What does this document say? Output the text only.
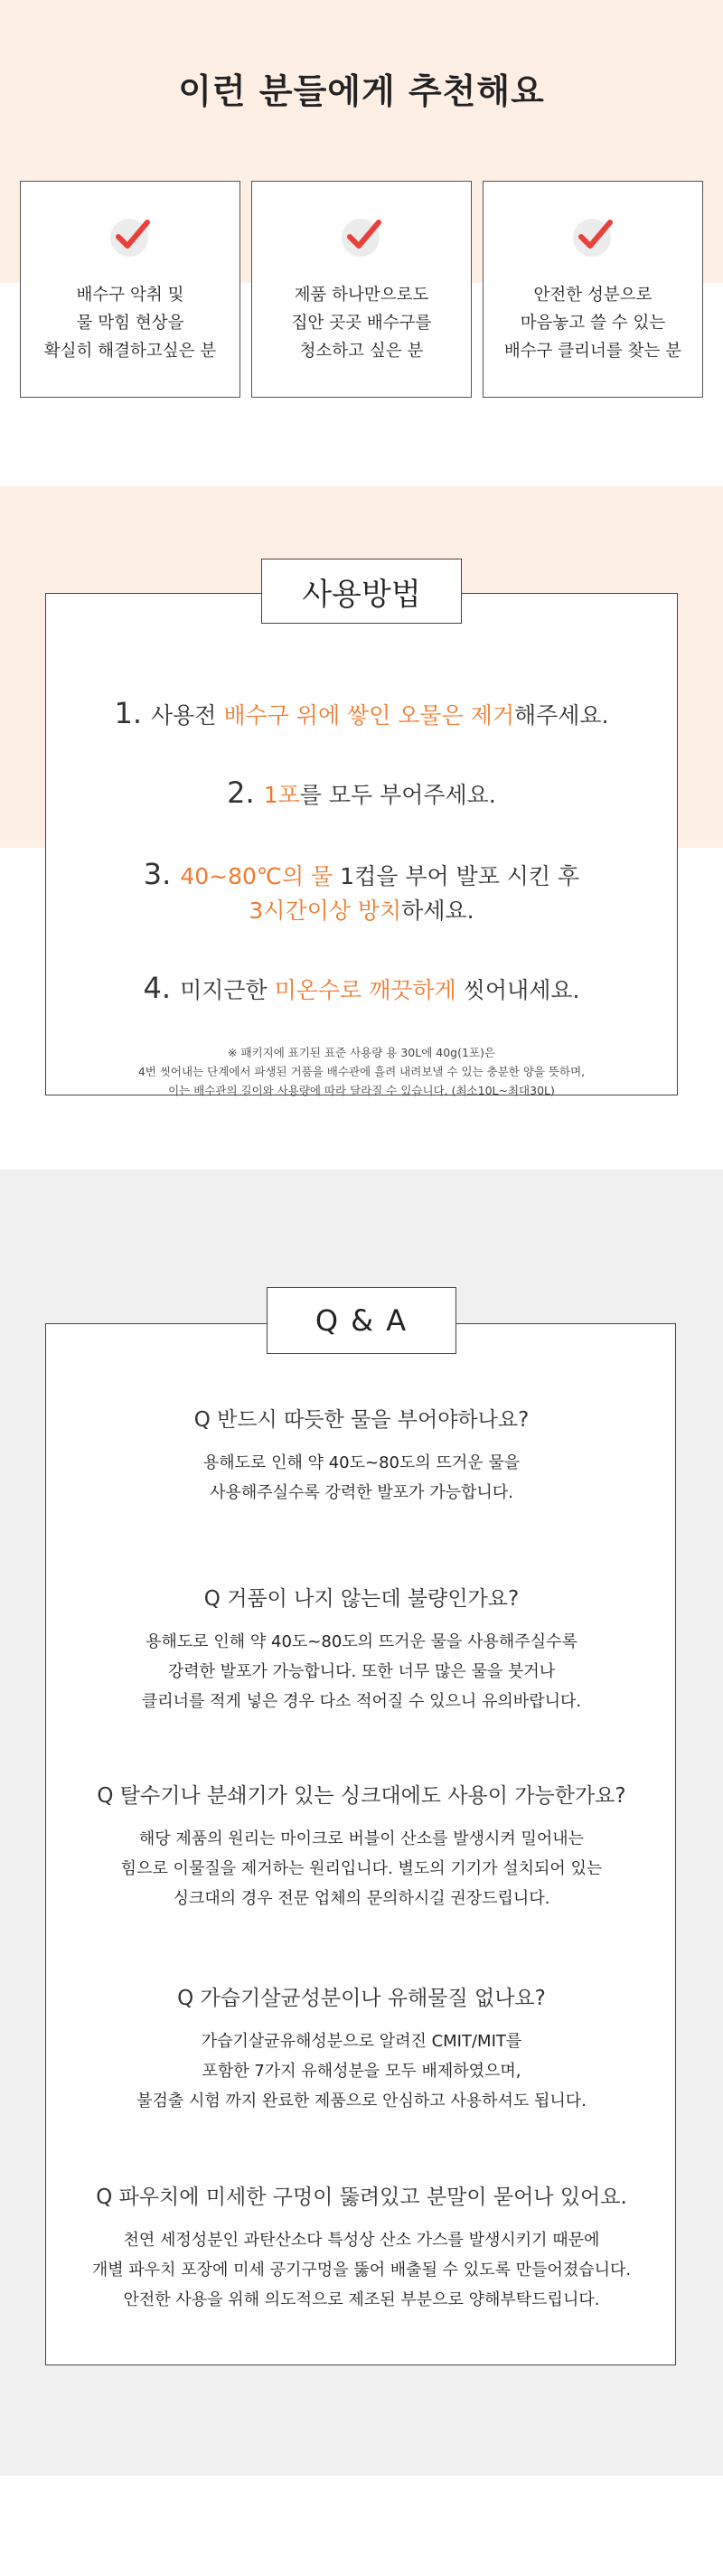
이런 분들에게 추천해요
배수구 악취 및
물 막힘 현상을
확실히 해결하고싶은 분
제품 하나만으로도
집안 곳곳 배수구를
청소하고 싶은 분
안전한 성분으로
마음놓고 쓸 수 있는
배수구 클리너를 찾는 분
사용방법
1. 사용전 배수구 위에 쌓인 오물은 제거해주세요.
2. 1포를 모두 부어주세요.
3. 40~80℃의 물 1컵을 부어 발포 시킨 후
3시간이상 방치하세요.
4. 미지근한 미온수로 깨끗하게 씻어내세요.
※ 패키지에 표기된 표준 사용량 용 30L에 40g(1포)은
4번 씻어내는 단계에서 파생된 거품을 배수관에 흘려 내려보낼 수 있는 충분한 양을 뜻하며,
이는 배수관의 길이와 사용량에 따라 달라질 수 있습니다. (최소10L~최대30L)
Q & A
Q 반드시 따듯한 물을 부어야하나요?
용해도로 인해 약 40도~80도의 뜨거운 물을
사용해주실수록 강력한 발포가 가능합니다.
Q 거품이 나지 않는데 불량인가요?
용해도로 인해 약 40도~80도의 뜨거운 물을 사용해주실수록
강력한 발포가 가능합니다. 또한 너무 많은 물을 붓거나
클리너를 적게 넣은 경우 다소 적어질 수 있으니 유의바랍니다.
Q 탈수기나 분쇄기가 있는 싱크대에도 사용이 가능한가요?
해당 제품의 원리는 마이크로 버블이 산소를 발생시켜 밀어내는
힘으로 이물질을 제거하는 원리입니다. 별도의 기기가 설치되어 있는
싱크대의 경우 전문 업체의 문의하시길 권장드립니다.
Q 가습기살균성분이나 유해물질 없나요?
가습기살균유해성분으로 알려진 CMIT/MIT를
포함한 7가지 유해성분을 모두 배제하였으며,
불검출 시험 까지 완료한 제품으로 안심하고 사용하셔도 됩니다.
Q 파우치에 미세한 구멍이 뚫려있고 분말이 묻어나 있어요.
천연 세정성분인 과탄산소다 특성상 산소 가스를 발생시키기 때문에
개별 파우치 포장에 미세 공기구멍을 뚫어 배출될 수 있도록 만들어졌습니다.
안전한 사용을 위해 의도적으로 제조된 부분으로 양해부탁드립니다.
